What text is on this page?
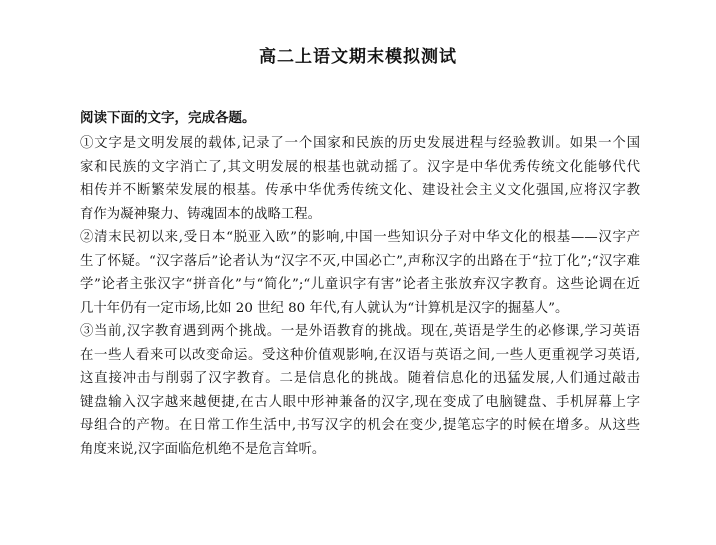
高二上语文期末模拟测试
阅读下面的文字，完成各题。
①文字是文明发展的载体,记录了一个国家和民族的历史发展进程与经验教训。如果一个国
家和民族的文字消亡了,其文明发展的根基也就动摇了。汉字是中华优秀传统文化能够代代
相传并不断繁荣发展的根基。传承中华优秀传统文化、建设社会主义文化强国,应将汉字教
育作为凝神聚力、铸魂固本的战略工程。
②清末民初以来,受日本“脱亚入欧”的影响,中国一些知识分子对中华文化的根基——汉字产
生了怀疑。“汉字落后”论者认为“汉字不灭,中国必亡”,声称汉字的出路在于“拉丁化”;“汉字难
学”论者主张汉字“拼音化”与“简化”;“儿童识字有害”论者主张放弃汉字教育。这些论调在近
几十年仍有一定市场,比如 20 世纪 80 年代,有人就认为“计算机是汉字的掘墓人”。
③当前,汉字教育遇到两个挑战。一是外语教育的挑战。现在,英语是学生的必修课,学习英语
在一些人看来可以改变命运。受这种价值观影响,在汉语与英语之间,一些人更重视学习英语,
这直接冲击与削弱了汉字教育。二是信息化的挑战。随着信息化的迅猛发展,人们通过敲击
键盘输入汉字越来越便捷,在古人眼中形神兼备的汉字,现在变成了电脑键盘、手机屏幕上字
母组合的产物。在日常工作生活中,书写汉字的机会在变少,提笔忘字的时候在增多。从这些
角度来说,汉字面临危机绝不是危言耸听。
